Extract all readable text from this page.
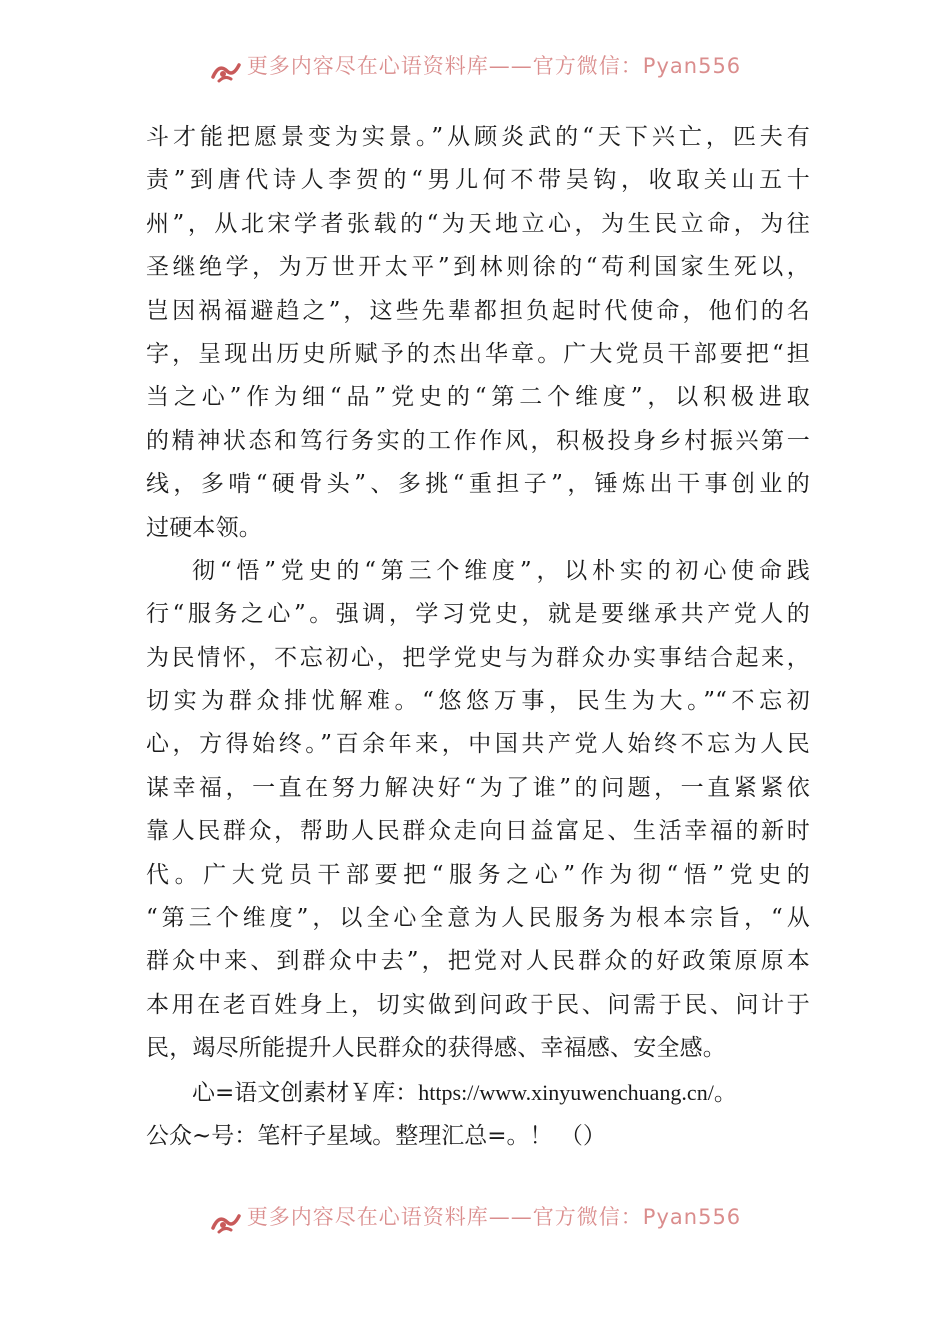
更多内容尽在心语资料库——官方微信：Pyan556
斗才能把愿景变为实景。”从顾炎武的“天下兴亡，匹夫有
责”到唐代诗人李贺的“男儿何不带吴钩，收取关山五十
州”，从北宋学者张载的“为天地立心，为生民立命，为往
圣继绝学，为万世开太平”到林则徐的“苟利国家生死以，
岂因祸福避趋之”，这些先辈都担负起时代使命，他们的名
字，呈现出历史所赋予的杰出华章。广大党员干部要把“担
当之心”作为细“品”党史的“第二个维度”，以积极进取
的精神状态和笃行务实的工作作风，积极投身乡村振兴第一
线，多啃“硬骨头”、多挑“重担子”，锤炼出干事创业的
过硬本领。
彻“悟”党史的“第三个维度”，以朴实的初心使命践
行“服务之心”。强调，学习党史，就是要继承共产党人的
为民情怀，不忘初心，把学党史与为群众办实事结合起来，
切实为群众排忧解难。“悠悠万事，民生为大。”“不忘初
心，方得始终。”百余年来，中国共产党人始终不忘为人民
谋幸福，一直在努力解决好“为了谁”的问题，一直紧紧依
靠人民群众，帮助人民群众走向日益富足、生活幸福的新时
代。广大党员干部要把“服务之心”作为彻“悟”党史的
“第三个维度”，以全心全意为人民服务为根本宗旨，“从
群众中来、到群众中去”，把党对人民群众的好政策原原本
本用在老百姓身上，切实做到问政于民、问需于民、问计于
民，竭尽所能提升人民群众的获得感、幸福感、安全感。
心=语文创素材￥库：https://www.xinyuwenchuang.cn/。
公众~号：笔杆子星域。整理汇总=。！ （）
更多内容尽在心语资料库——官方微信：Pyan556
